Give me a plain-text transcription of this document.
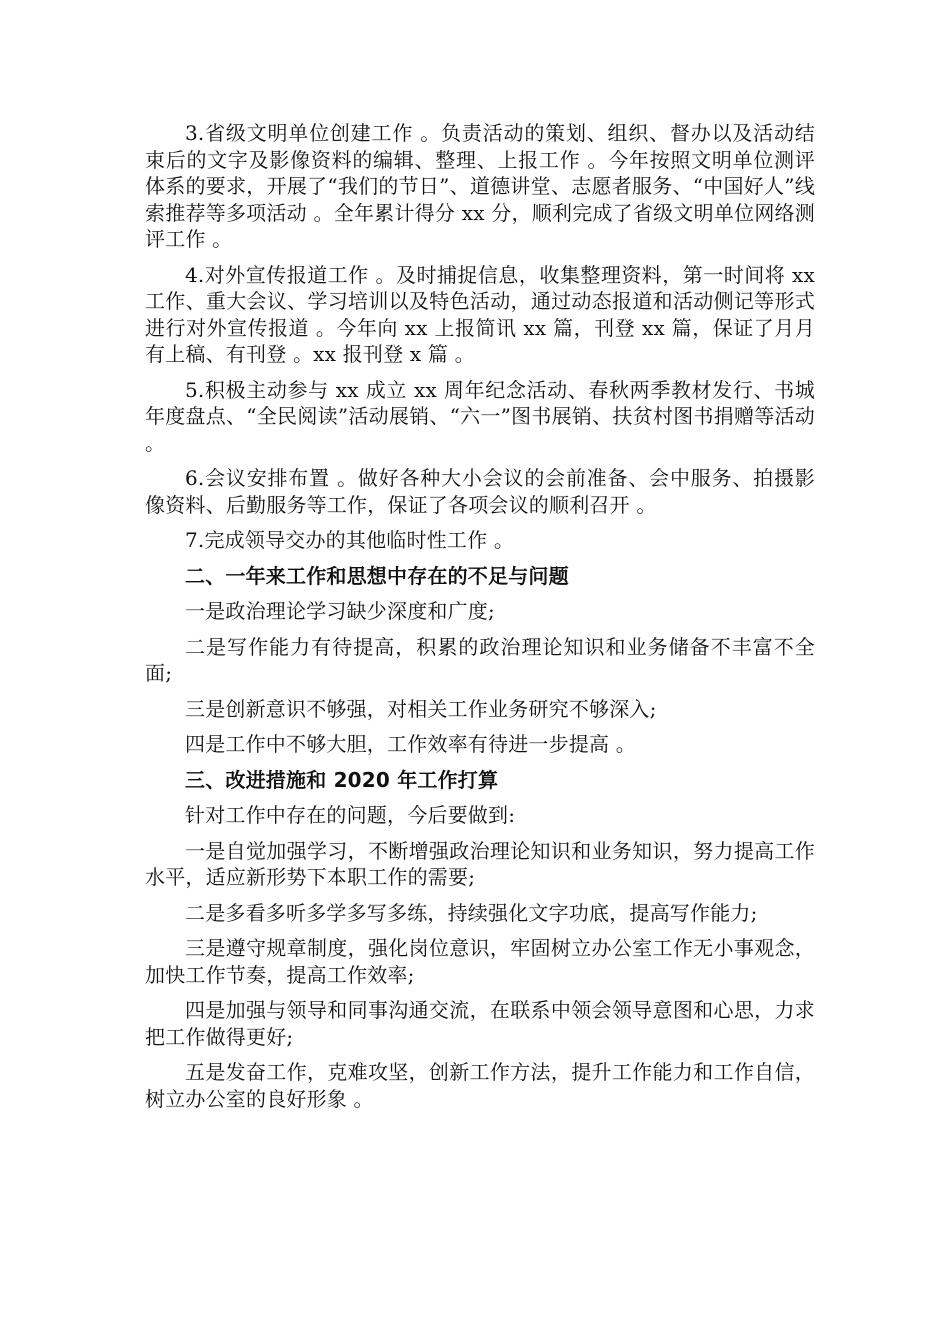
3.省级文明单位创建工作 。负责活动的策划、组织、督办以及活动结束后的文字及影像资料的编辑、整理、上报工作 。今年按照文明单位测评体系的要求，开展了“我们的节日”、道德讲堂、志愿者服务、“中国好人”线索推荐等多项活动 。全年累计得分 xx 分，顺利完成了省级文明单位网络测评工作 。

4.对外宣传报道工作 。及时捕捉信息，收集整理资料，第一时间将 xx 工作、重大会议、学习培训以及特色活动，通过动态报道和活动侧记等形式进行对外宣传报道 。今年向 xx 上报简讯 xx 篇，刊登 xx 篇，保证了月月有上稿、有刊登 。xx 报刊登 x 篇 。

5.积极主动参与 xx 成立 xx 周年纪念活动、春秋两季教材发行、书城年度盘点、“全民阅读”活动展销、“六一”图书展销、扶贫村图书捐赠等活动 。

6.会议安排布置 。做好各种大小会议的会前准备、会中服务、拍摄影像资料、后勤服务等工作，保证了各项会议的顺利召开 。

7.完成领导交办的其他临时性工作 。

二、一年来工作和思想中存在的不足与问题

一是政治理论学习缺少深度和广度;

二是写作能力有待提高，积累的政治理论知识和业务储备不丰富不全面;

三是创新意识不够强，对相关工作业务研究不够深入;

四是工作中不够大胆，工作效率有待进一步提高 。

三、改进措施和 2020 年工作打算

针对工作中存在的问题，今后要做到:

一是自觉加强学习，不断增强政治理论知识和业务知识，努力提高工作水平，适应新形势下本职工作的需要;

二是多看多听多学多写多练，持续强化文字功底，提高写作能力;

三是遵守规章制度，强化岗位意识，牢固树立办公室工作无小事观念，加快工作节奏，提高工作效率;

四是加强与领导和同事沟通交流，在联系中领会领导意图和心思，力求把工作做得更好;

五是发奋工作，克难攻坚，创新工作方法，提升工作能力和工作自信，树立办公室的良好形象 。
